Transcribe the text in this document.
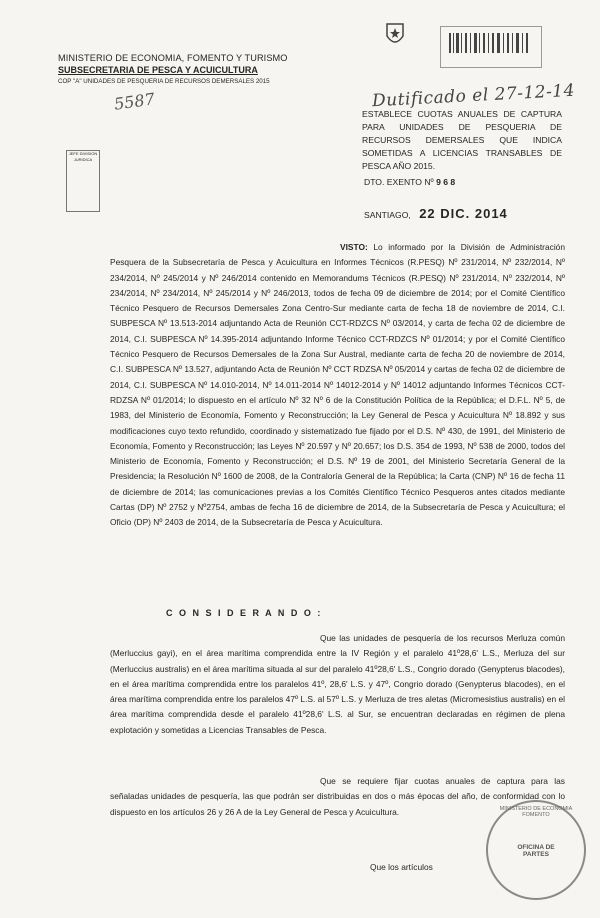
MINISTERIO DE ECONOMIA, FOMENTO Y TURISMO
SUBSECRETARIA DE PESCA Y ACUICULTURA
COP "A" UNIDADES DE PESQUERIA DE RECURSOS DEMERSALES 2015
5587
JEFE DIVISION JURIDICA
Dutificado el 27-12-14
ESTABLECE CUOTAS ANUALES DE CAPTURA PARA UNIDADES DE PESQUERIA DE RECURSOS DEMERSALES QUE INDICA SOMETIDAS A LICENCIAS TRANSABLES DE PESCA AÑO 2015.
DTO. EXENTO Nº 9 6 8
SANTIAGO, 22 DIC. 2014
VISTO: Lo informado por la División de Administración Pesquera de la Subsecretaría de Pesca y Acuicultura en Informes Técnicos (R.PESQ) Nº 231/2014, Nº 232/2014, Nº 234/2014, Nº 245/2014 y Nº 246/2014 contenido en Memorandums Técnicos (R.PESQ) Nº 231/2014, Nº 232/2014, Nº 234/2014, Nº 234/2014, Nº 245/2014 y Nº 246/2013, todos de fecha 09 de diciembre de 2014; por el Comité Científico Técnico Pesquero de Recursos Demersales Zona Centro-Sur mediante carta de fecha 18 de noviembre de 2014, C.I. SUBPESCA Nº 13.513-2014 adjuntando Acta de Reunión CCT-RDZCS Nº 03/2014, y carta de fecha 02 de diciembre de 2014, C.I. SUBPESCA Nº 14.395-2014 adjuntando Informe Técnico CCT-RDZCS Nº 01/2014; y por el Comité Científico Técnico Pesquero de Recursos Demersales de la Zona Sur Austral, mediante carta de fecha 20 de noviembre de 2014, C.I. SUBPESCA Nº 13.527, adjuntando Acta de Reunión Nº CCT RDZSA Nº 05/2014 y cartas de fecha 02 de diciembre de 2014, C.I. SUBPESCA Nº 14.010-2014, Nº 14.011-2014 Nº 14012-2014 y Nº 14012 adjuntando Informes Técnicos CCT-RDZSA Nº 01/2014; lo dispuesto en el artículo Nº 32 Nº 6 de la Constitución Política de la República; el D.F.L. Nº 5, de 1983, del Ministerio de Economía, Fomento y Reconstrucción; la Ley General de Pesca y Acuicultura Nº 18.892 y sus modificaciones cuyo texto refundido, coordinado y sistematizado fue fijado por el D.S. Nº 430, de 1991, del Ministerio de Economía, Fomento y Reconstrucción; las Leyes Nº 20.597 y Nº 20.657; los D.S. 354 de 1993, Nº 538 de 2000, todos del Ministerio de Economía, Fomento y Reconstrucción; el D.S. Nº 19 de 2001, del Ministerio Secretaría General de la Presidencia; la Resolución Nº 1600 de 2008, de la Contraloría General de la República; la Carta (CNP) Nº 16 de fecha 11 de diciembre de 2014; las comunicaciones previas a los Comités Científico Técnico Pesqueros antes citados mediante Cartas (DP) Nº 2752 y Nº2754, ambas de fecha 16 de diciembre de 2014, de la Subsecretaría de Pesca y Acuicultura; el Oficio (DP) Nº 2403 de 2014, de la Subsecretaría de Pesca y Acuicultura.
C O N S I D E R A N D O :
Que las unidades de pesquería de los recursos Merluza común (Merluccius gayi), en el área marítima comprendida entre la IV Región y el paralelo 41º28,6' L.S., Merluza del sur (Merluccius australis) en el área marítima situada al sur del paralelo 41º28,6' L.S., Congrio dorado (Genypterus blacodes), en el área marítima comprendida entre los paralelos 41º, 28,6' L.S. y 47º, Congrio dorado (Genypterus blacodes), en el área marítima comprendida entre los paralelos 47º L.S. al 57º L.S. y Merluza de tres aletas (Micromesistius australis) en el área marítima comprendida desde el paralelo 41º28,6' L.S. al Sur, se encuentran declaradas en régimen de plena explotación y sometidas a Licencias Transables de Pesca.
Que se requiere fijar cuotas anuales de captura para las señaladas unidades de pesquería, las que podrán ser distribuidas en dos o más épocas del año, de conformidad con lo dispuesto en los artículos 26 y 26 A de la Ley General de Pesca y Acuicultura.
Que los artículos
MINISTERIO DE ECONOMIA FOMENTO
OFICINA DE PARTES
